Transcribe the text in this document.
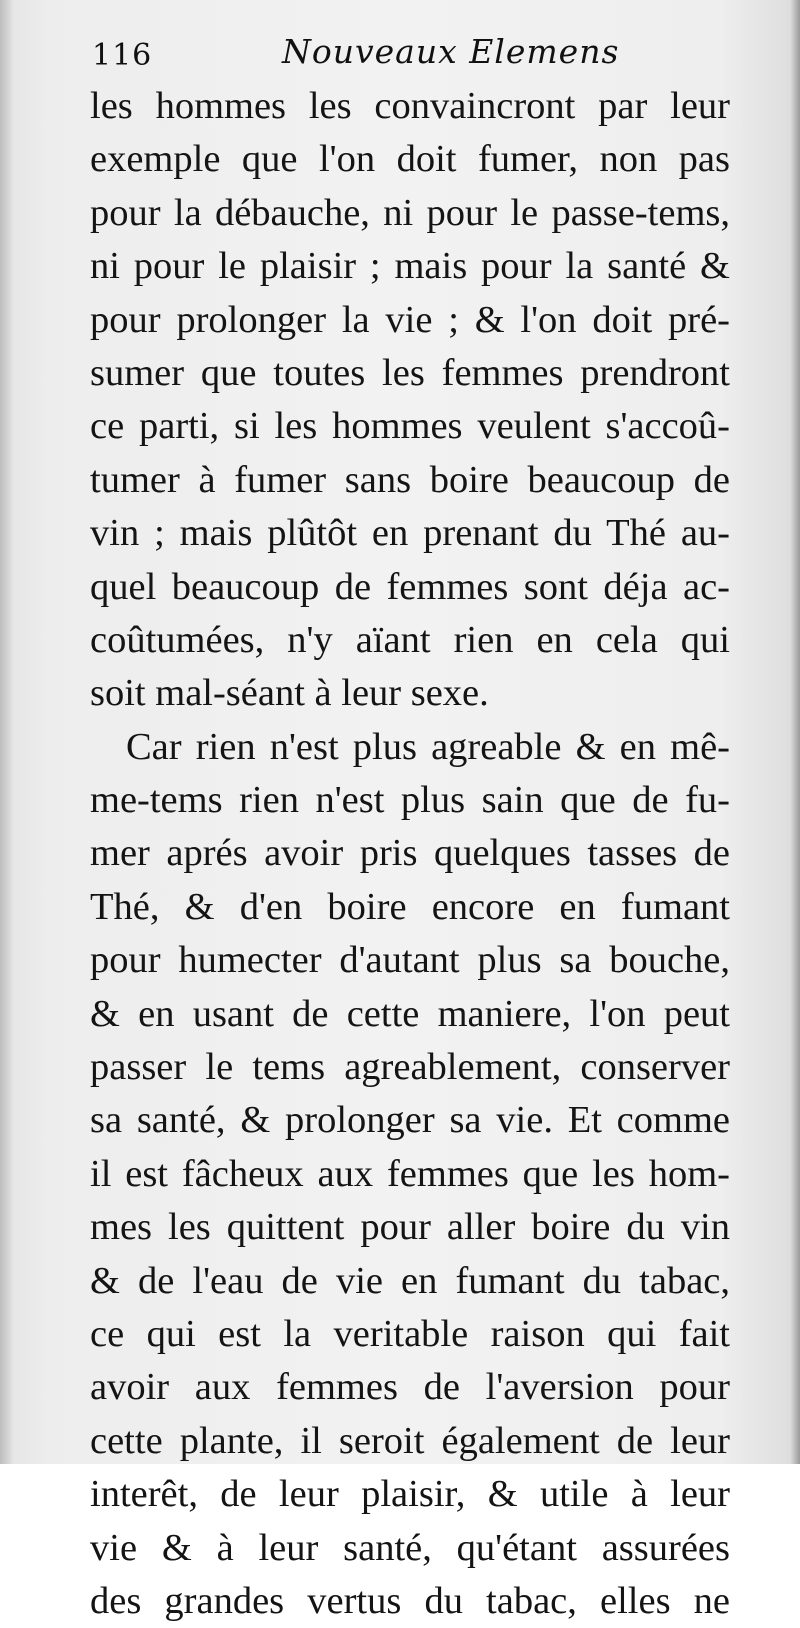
116	Nouveaux Elemens
les hommes les convaincront par leur
exemple que l'on doit fumer, non pas
pour la débauche, ni pour le passe-tems,
ni pour le plaisir ; mais pour la santé &
pour prolonger la vie ; & l'on doit pré-
sumer que toutes les femmes prendront
ce parti, si les hommes veulent s'accoû-
tumer à fumer sans boire beaucoup de
vin ; mais plûtôt en prenant du Thé au-
quel beaucoup de femmes sont déja ac-
coûtumées, n'y aïant rien en cela qui
soit mal-séant à leur sexe.
Car rien n'est plus agreable & en mê-
me-tems rien n'est plus sain que de fu-
mer aprés avoir pris quelques tasses de
Thé, & d'en boire encore en fumant
pour humecter d'autant plus sa bouche,
& en usant de cette maniere, l'on peut
passer le tems agreablement, conserver
sa santé, & prolonger sa vie. Et comme
il est fâcheux aux femmes que les hom-
mes les quittent pour aller boire du vin
& de l'eau de vie en fumant du tabac,
ce qui est la veritable raison qui fait
avoir aux femmes de l'aversion pour
cette plante, il seroit également de leur
interêt, de leur plaisir, & utile à leur
vie & à leur santé, qu'étant assurées
des grandes vertus du tabac, elles ne
